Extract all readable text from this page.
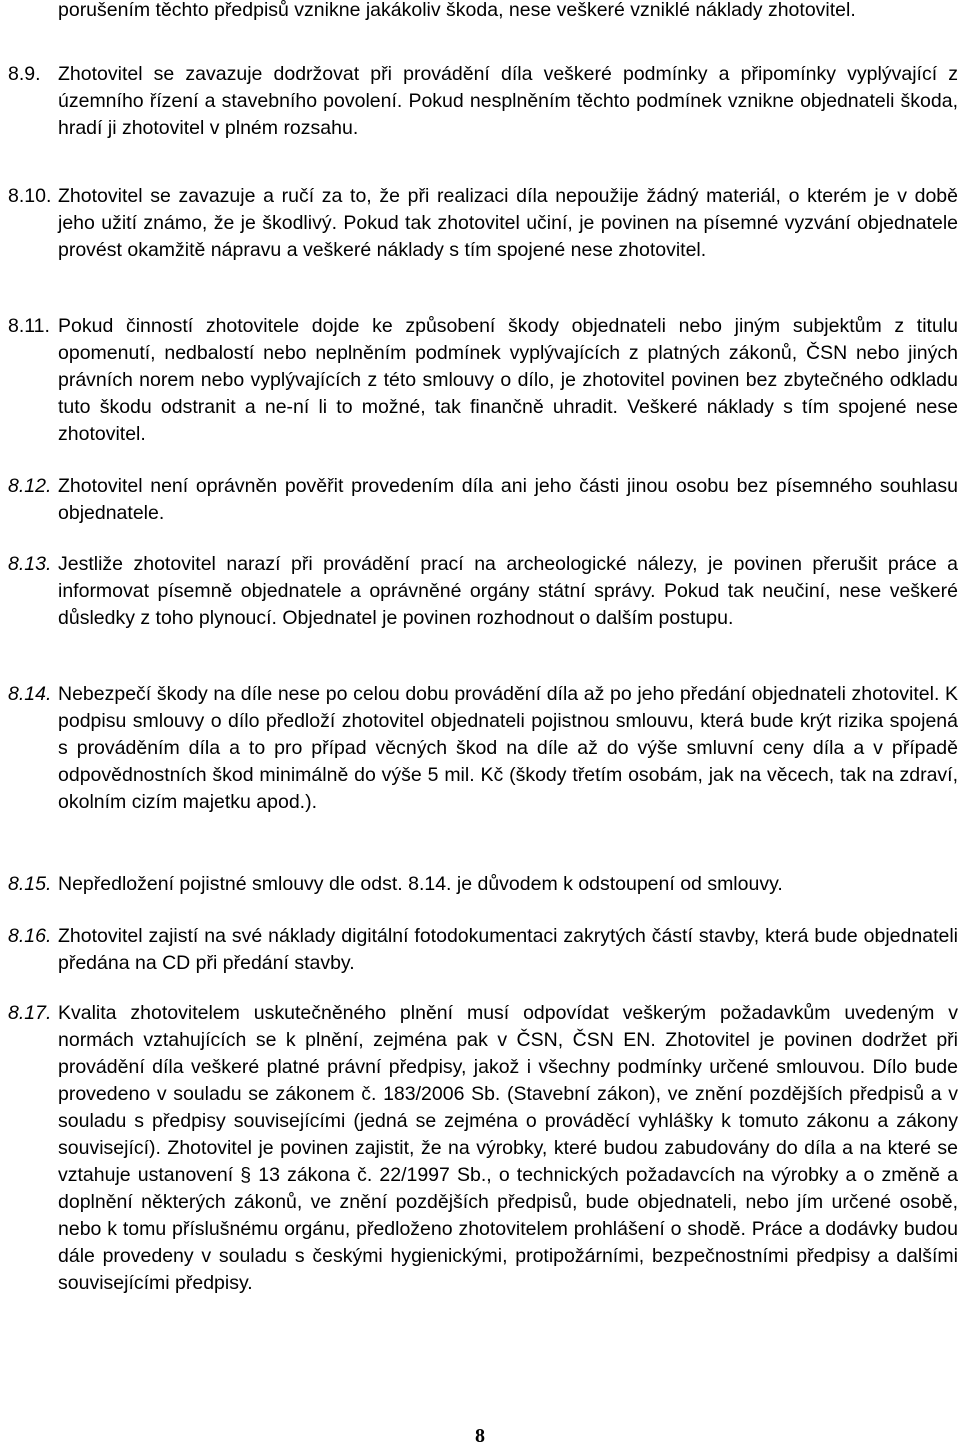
porušením těchto předpisů vznikne jakákoliv škoda, nese veškeré vzniklé náklady zhotovitel.

8.9. Zhotovitel se zavazuje dodržovat při provádění díla veškeré podmínky a připomínky vyplývající z územního řízení a stavebního povolení. Pokud nesplněním těchto podmínek vznikne objednateli škoda, hradí ji zhotovitel v plném rozsahu.
8.10. Zhotovitel se zavazuje a ručí za to, že při realizaci díla nepoužije žádný materiál, o kterém je v době jeho užití známo, že je škodlivý. Pokud tak zhotovitel učiní, je povinen na písemné vyzvání objednatele provést okamžitě nápravu a veškeré náklady s tím spojené nese zhotovitel.
8.11. Pokud činností zhotovitele dojde ke způsobení škody objednateli nebo jiným subjektům z titulu opomenutí, nedbalostí nebo neplněním podmínek vyplývajících z platných zákonů, ČSN nebo jiných právních norem nebo vyplývajících z této smlouvy o dílo, je zhotovitel povinen bez zbytečného odkladu tuto škodu odstranit a ne-ní li to možné, tak finančně uhradit. Veškeré náklady s tím spojené nese zhotovitel.
8.12. Zhotovitel není oprávněn pověřit provedením díla ani jeho části jinou osobu bez písemného souhlasu objednatele.
8.13. Jestliže zhotovitel narazí při provádění prací na archeologické nálezy, je povinen přerušit práce a informovat písemně objednatele a oprávněné orgány státní správy. Pokud tak neučiní, nese veškeré důsledky z toho plynoucí. Objednatel je povinen rozhodnout o dalším postupu.
8.14. Nebezpečí škody na díle nese po celou dobu provádění díla až po jeho předání objednateli zhotovitel. K podpisu smlouvy o dílo předloží zhotovitel objednateli pojistnou smlouvu, která bude krýt rizika spojená s prováděním díla a to pro případ věcných škod na díle až do výše smluvní ceny díla a v případě odpovědnostních škod minimálně do výše 5 mil. Kč (škody třetím osobám, jak na věcech, tak na zdraví, okolním cizím majetku apod.).
8.15. Nepředložení pojistné smlouvy dle odst. 8.14. je důvodem k odstoupení od smlouvy.
8.16. Zhotovitel zajistí na své náklady digitální fotodokumentaci zakrytých částí stavby, která bude objednateli předána na CD při předání stavby.
8.17. Kvalita zhotovitelem uskutečněného plnění musí odpovídat veškerým požadavkům uvedeným v normách vztahujících se k plnění, zejména pak v ČSN, ČSN EN. Zhotovitel je povinen dodržet při provádění díla veškeré platné právní předpisy, jakož i všechny podmínky určené smlouvou. Dílo bude provedeno v souladu se zákonem č. 183/2006 Sb. (Stavební zákon), ve znění pozdějších předpisů a v souladu s předpisy souvisejícími (jedná se zejména o prováděcí vyhlášky k tomuto zákonu a zákony související). Zhotovitel je povinen zajistit, že na výrobky, které budou zabudovány do díla a na které se vztahuje ustanovení § 13 zákona č. 22/1997 Sb., o technických požadavcích na výrobky a o změně a doplnění některých zákonů, ve znění pozdějších předpisů, bude objednateli, nebo jím určené osobě, nebo k tomu příslušnému orgánu, předloženo zhotovitelem prohlášení o shodě. Práce a dodávky budou dále provedeny v souladu s českými hygienickými, protipožárními, bezpečnostními předpisy a dalšími souvisejícími předpisy.
8
